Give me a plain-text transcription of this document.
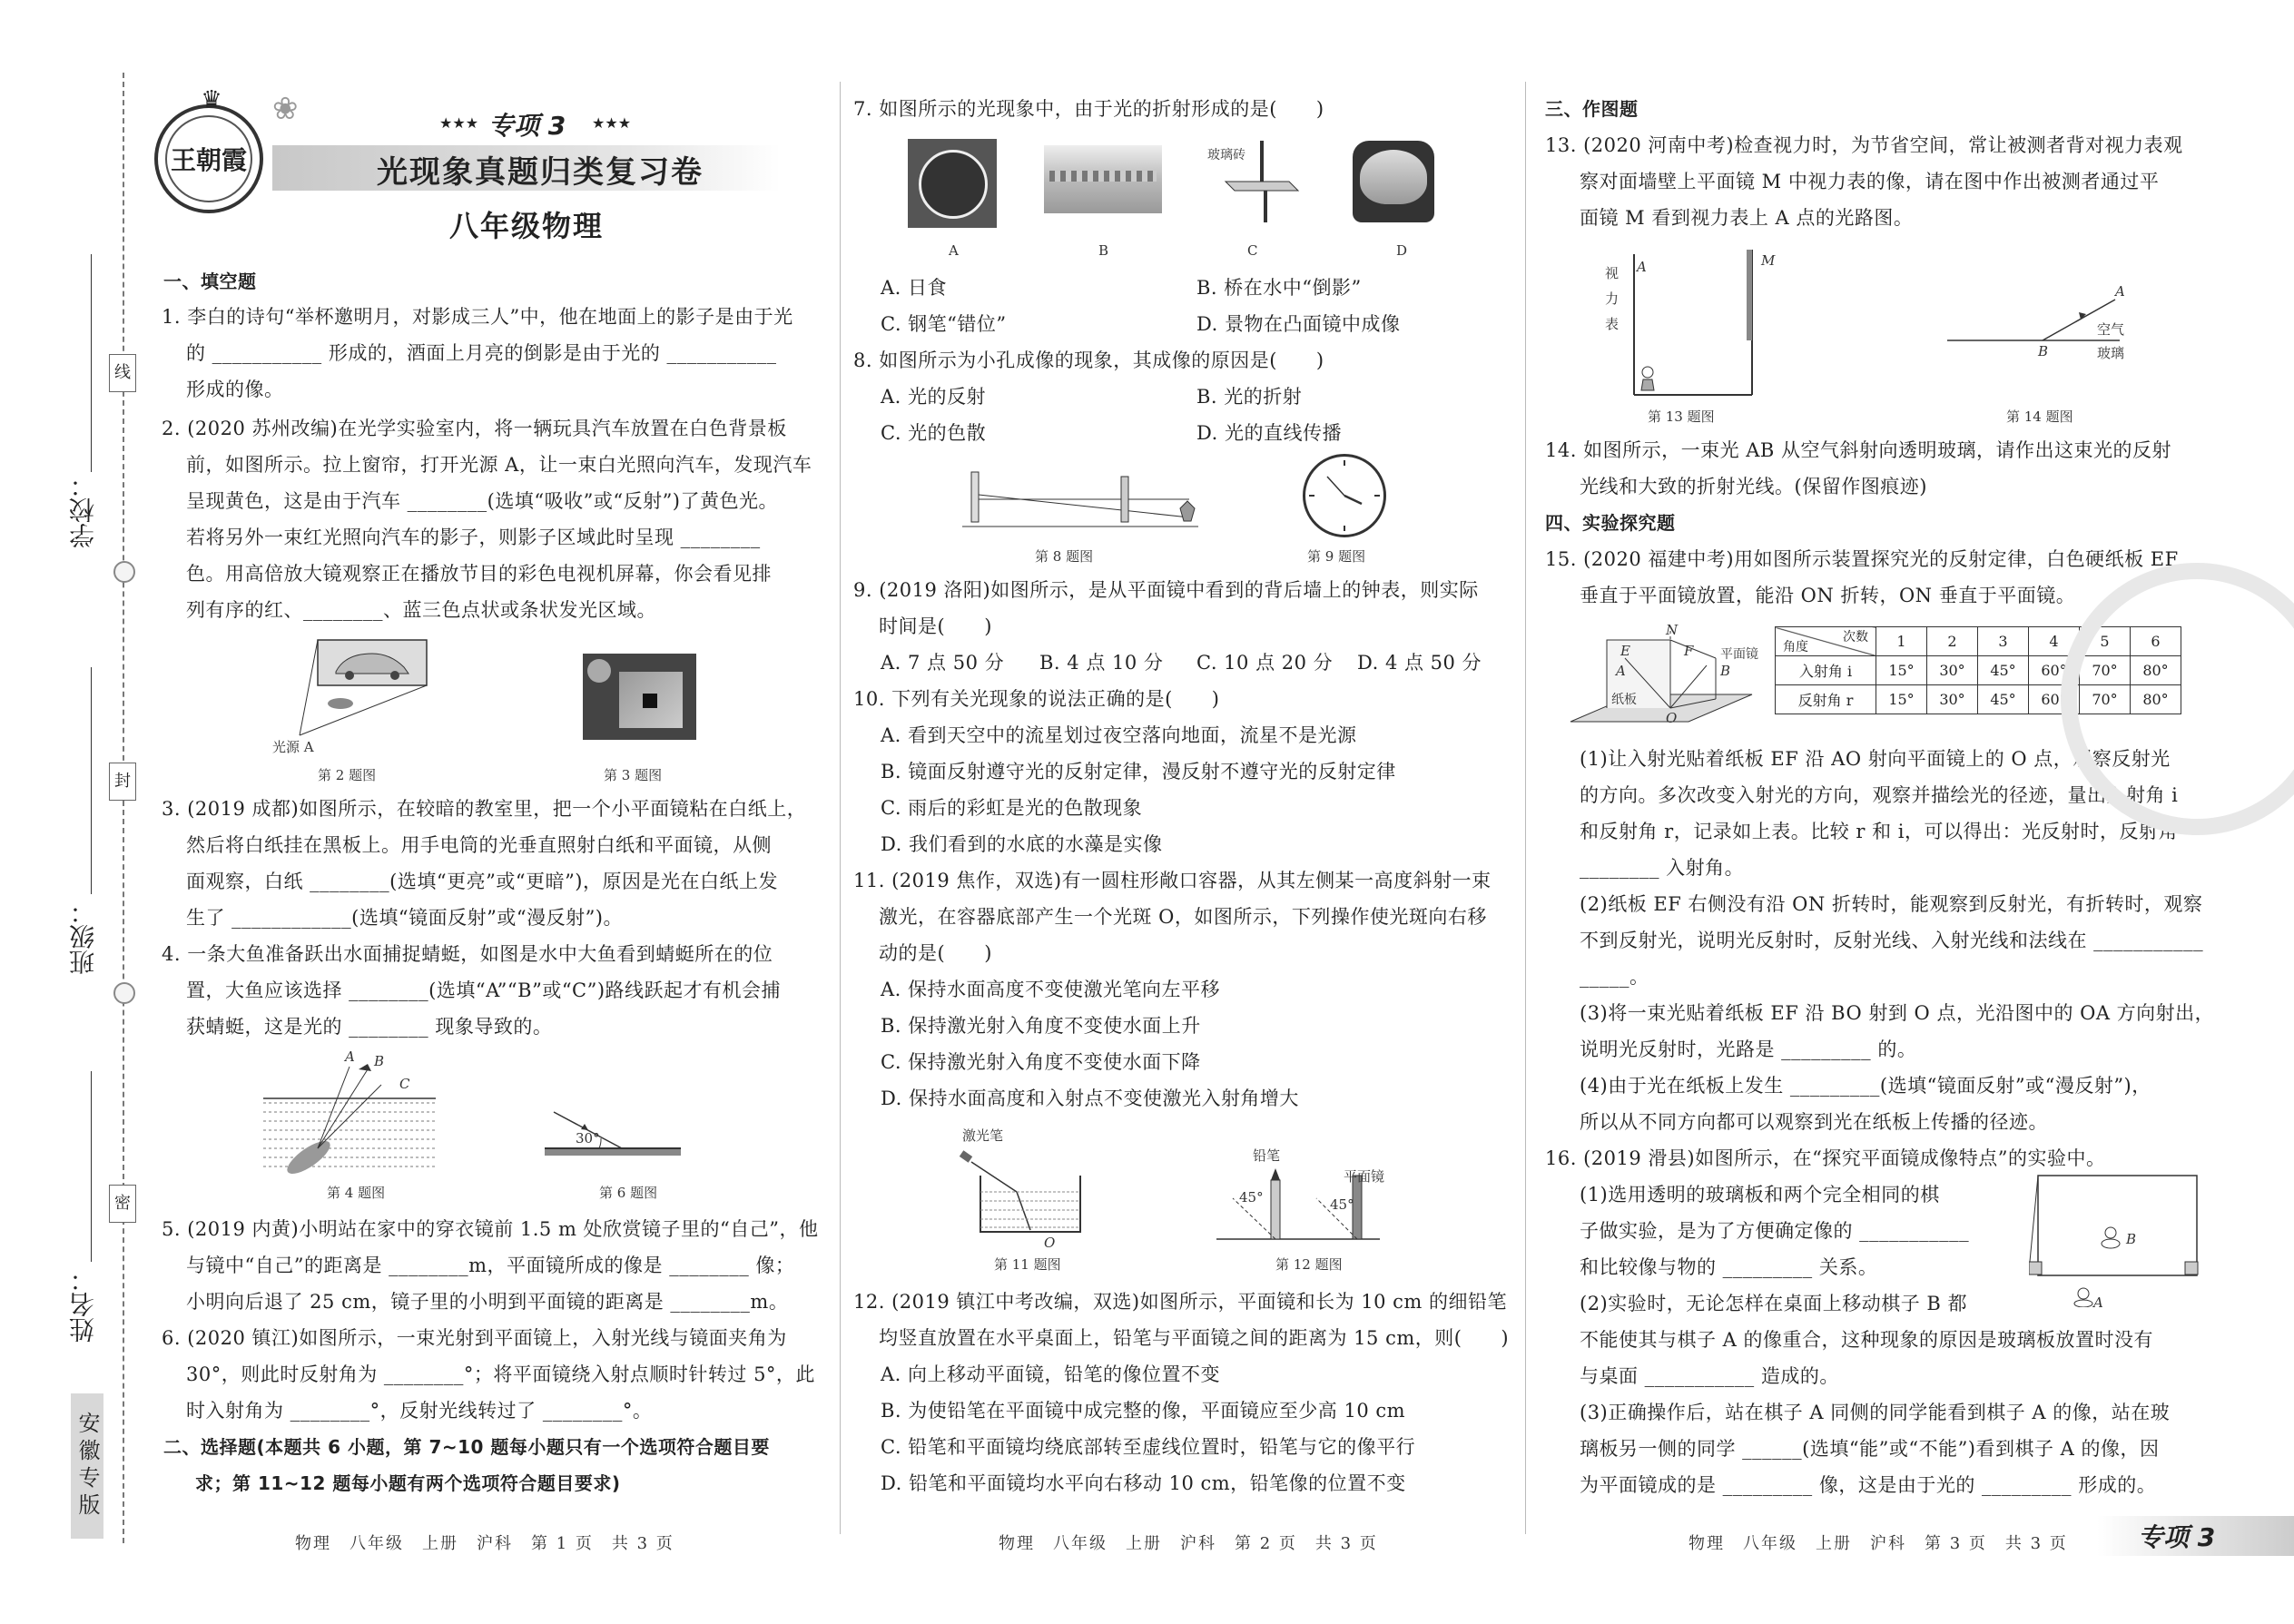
线
封
密
学校：
班级：
姓名：
安徽专版
♛
王朝霞
❀	★★★ 专项 3 ★★★
光现象真题归类复习卷
八年级物理
一、填空题
1. 李白的诗句“举杯邀明月，对影成三人”中，他在地面上的影子是由于光
的 ___________ 形成的，酒面上月亮的倒影是由于光的 ___________
形成的像。
2. (2020 苏州改编)在光学实验室内，将一辆玩具汽车放置在白色背景板
前，如图所示。拉上窗帘，打开光源 A，让一束白光照向汽车，发现汽车
呈现黄色，这是由于汽车 ________(选填“吸收”或“反射”)了黄色光。
若将另外一束红光照向汽车的影子，则影子区域此时呈现 ________
色。用高倍放大镜观察正在播放节目的彩色电视机屏幕，你会看见排
列有序的红、________、蓝三色点状或条状发光区域。
光源 A
第 2 题图	第 3 题图
3. (2019 成都)如图所示，在较暗的教室里，把一个小平面镜粘在白纸上，
然后将白纸挂在黑板上。用手电筒的光垂直照射白纸和平面镜，从侧
面观察，白纸 ________(选填“更亮”或“更暗”)，原因是光在白纸上发
生了 ____________(选填“镜面反射”或“漫反射”)。
4. 一条大鱼准备跃出水面捕捉蜻蜓，如图是水中大鱼看到蜻蜓所在的位
置，大鱼应该选择 ________(选填“A”“B”或“C”)路线跃起才有机会捕
获蜻蜓，这是光的 ________ 现象导致的。
A B
C
第 4 题图
30°
第 6 题图
5. (2019 内黄)小明站在家中的穿衣镜前 1.5 m 处欣赏镜子里的“自己”，他
与镜中“自己”的距离是 ________m，平面镜所成的像是 ________ 像；
小明向后退了 25 cm，镜子里的小明到平面镜的距离是 ________m。
6. (2020 镇江)如图所示，一束光射到平面镜上，入射光线与镜面夹角为
30°，则此时反射角为 ________°；将平面镜绕入射点顺时针转过 5°，此
时入射角为 ________°，反射光线转过了 ________°。
二、选择题(本题共 6 小题，第 7~10 题每小题只有一个选项符合题目要
求；第 11~12 题每小题有两个选项符合题目要求)
物理　八年级　上册　沪科　第 1 页　共 3 页
7. 如图所示的光现象中，由于光的折射形成的是(　　)
玻璃砖
A	B	C	D
A. 日食	B. 桥在水中“倒影”
C. 钢笔“错位”	D. 景物在凸面镜中成像
8. 如图所示为小孔成像的现象，其成像的原因是(　　)
A. 光的反射	B. 光的折射
C. 光的色散	D. 光的直线传播
第 8 题图	第 9 题图
9. (2019 洛阳)如图所示，是从平面镜中看到的背后墙上的钟表，则实际
时间是(　　)
A. 7 点 50 分 B. 4 点 10 分 C. 10 点 20 分 D. 4 点 50 分
10. 下列有关光现象的说法正确的是(　　)
A. 看到天空中的流星划过夜空落向地面，流星不是光源
B. 镜面反射遵守光的反射定律，漫反射不遵守光的反射定律
C. 雨后的彩虹是光的色散现象
D. 我们看到的水底的水藻是实像
11. (2019 焦作，双选)有一圆柱形敞口容器，从其左侧某一高度斜射一束
激光，在容器底部产生一个光斑 O，如图所示，下列操作使光斑向右移
动的是(　　)
A. 保持水面高度不变使激光笔向左平移
B. 保持激光射入角度不变使水面上升
C. 保持激光射入角度不变使水面下降
D. 保持水面高度和入射点不变使激光入射角增大
激光笔
O
第 11 题图
铅笔
平面镜
45°	45°
第 12 题图
12. (2019 镇江中考改编，双选)如图所示，平面镜和长为 10 cm 的细铅笔
均竖直放置在水平桌面上，铅笔与平面镜之间的距离为 15 cm，则(　　)
A. 向上移动平面镜，铅笔的像位置不变
B. 为使铅笔在平面镜中成完整的像，平面镜应至少高 10 cm
C. 铅笔和平面镜均绕底部转至虚线位置时，铅笔与它的像平行
D. 铅笔和平面镜均水平向右移动 10 cm，铅笔像的位置不变
物理　八年级　上册　沪科　第 2 页　共 3 页
三、作图题
13. (2020 河南中考)检查视力时，为节省空间，常让被测者背对视力表观
察对面墙壁上平面镜 M 中视力表的像，请在图中作出被测者通过平
面镜 M 看到视力表上 A 点的光路图。
视
力
表
A	M
第 13 题图
A
空气
B	玻璃
第 14 题图
14. 如图所示，一束光 AB 从空气斜射向透明玻璃，请作出这束光的反射
光线和大致的折射光线。(保留作图痕迹)
四、实验探究题
15. (2020 福建中考)用如图所示装置探究光的反射定律，白色硬纸板 EF
垂直于平面镜放置，能沿 ON 折转，ON 垂直于平面镜。
N
E	F
A	B
O
纸板
平面镜
次数
角度	1	2	3	4	5	6
入射角 i	15°	30°	45°	60°	70°	80°
反射角 r	15°	30°	45°	60°	70°	80°
(1)让入射光贴着纸板 EF 沿 AO 射向平面镜上的 O 点，观察反射光
的方向。多次改变入射光的方向，观察并描绘光的径迹，量出入射角 i
和反射角 r，记录如上表。比较 r 和 i，可以得出：光反射时，反射角
________ 入射角。
(2)纸板 EF 右侧没有沿 ON 折转时，能观察到反射光，有折转时，观察
不到反射光，说明光反射时，反射光线、入射光线和法线在 ___________
_____。
(3)将一束光贴着纸板 EF 沿 BO 射到 O 点，光沿图中的 OA 方向射出，
说明光反射时，光路是 _________ 的。
(4)由于光在纸板上发生 _________(选填“镜面反射”或“漫反射”)，
所以从不同方向都可以观察到光在纸板上传播的径迹。
16. (2019 滑县)如图所示，在“探究平面镜成像特点”的实验中。
(1)选用透明的玻璃板和两个完全相同的棋
子做实验，是为了方便确定像的 ___________
和比较像与物的 _________ 关系。
(2)实验时，无论怎样在桌面上移动棋子 B 都
不能使其与棋子 A 的像重合，这种现象的原因是玻璃板放置时没有
与桌面 ___________ 造成的。
(3)正确操作后，站在棋子 A 同侧的同学能看到棋子 A 的像，站在玻
璃板另一侧的同学 ______(选填“能”或“不能”)看到棋子 A 的像，因
为平面镜成的是 _________ 像，这是由于光的 _________ 形成的。
B
A
物理　八年级　上册　沪科　第 3 页　共 3 页	专项 3
